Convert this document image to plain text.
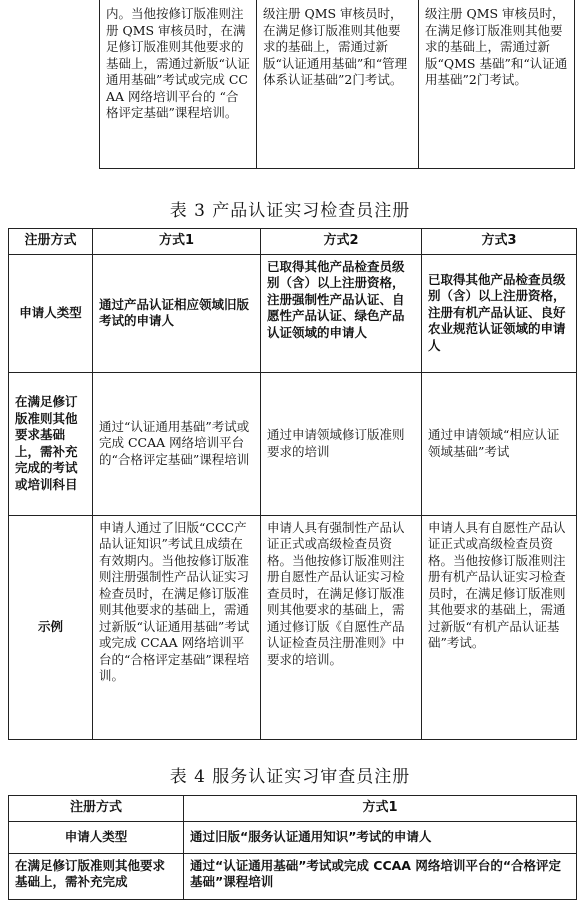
内。当他按修订版准则注册 QMS 审核员时，在满足修订版准则其他要求的基础上，需通过新版“认证通用基础”考试或完成 CCAA 网络培训平台的 “合格评定基础”课程培训。	级注册 QMS 审核员时，在满足修订版准则其他要求的基础上，需通过新版“认证通用基础”和“管理体系认证基础”2门考试。	级注册 QMS 审核员时，在满足修订版准则其他要求的基础上，需通过新版“QMS 基础”和“认证通用基础”2门考试。
表 3 产品认证实习检查员注册
注册方式	方式1	方式2	方式3
申请人类型	通过产品认证相应领域旧版考试的申请人	已取得其他产品检查员级别（含）以上注册资格，注册强制性产品认证、自愿性产品认证、绿色产品认证领域的申请人	已取得其他产品检查员级别（含）以上注册资格，注册有机产品认证、良好农业规范认证领域的申请人
在满足修订版准则其他要求基础上，需补充完成的考试或培训科目	通过“认证通用基础”考试或完成 CCAA 网络培训平台的“合格评定基础”课程培训	通过申请领域修订版准则要求的培训	通过申请领域“相应认证领域基础”考试
示例	申请人通过了旧版“CCC产品认证知识”考试且成绩在有效期内。当他按修订版准则注册强制性产品认证实习检查员时，在满足修订版准则其他要求的基础上，需通过新版“认证通用基础”考试或完成 CCAA 网络培训平台的“合格评定基础”课程培训。	申请人具有强制性产品认证正式或高级检查员资格。当他按修订版准则注册自愿性产品认证实习检查员时，在满足修订版准则其他要求的基础上，需通过修订版《自愿性产品认证检查员注册准则》中要求的培训。	申请人具有自愿性产品认证正式或高级检查员资格。当他按修订版准则注册有机产品认证实习检查员时，在满足修订版准则其他要求的基础上，需通过新版“有机产品认证基础”考试。
表 4 服务认证实习审查员注册
注册方式	方式1
申请人类型	通过旧版“服务认证通用知识”考试的申请人
在满足修订版准则其他要求基础上，需补充完成	通过“认证通用基础”考试或完成 CCAA 网络培训平台的“合格评定基础”课程培训
